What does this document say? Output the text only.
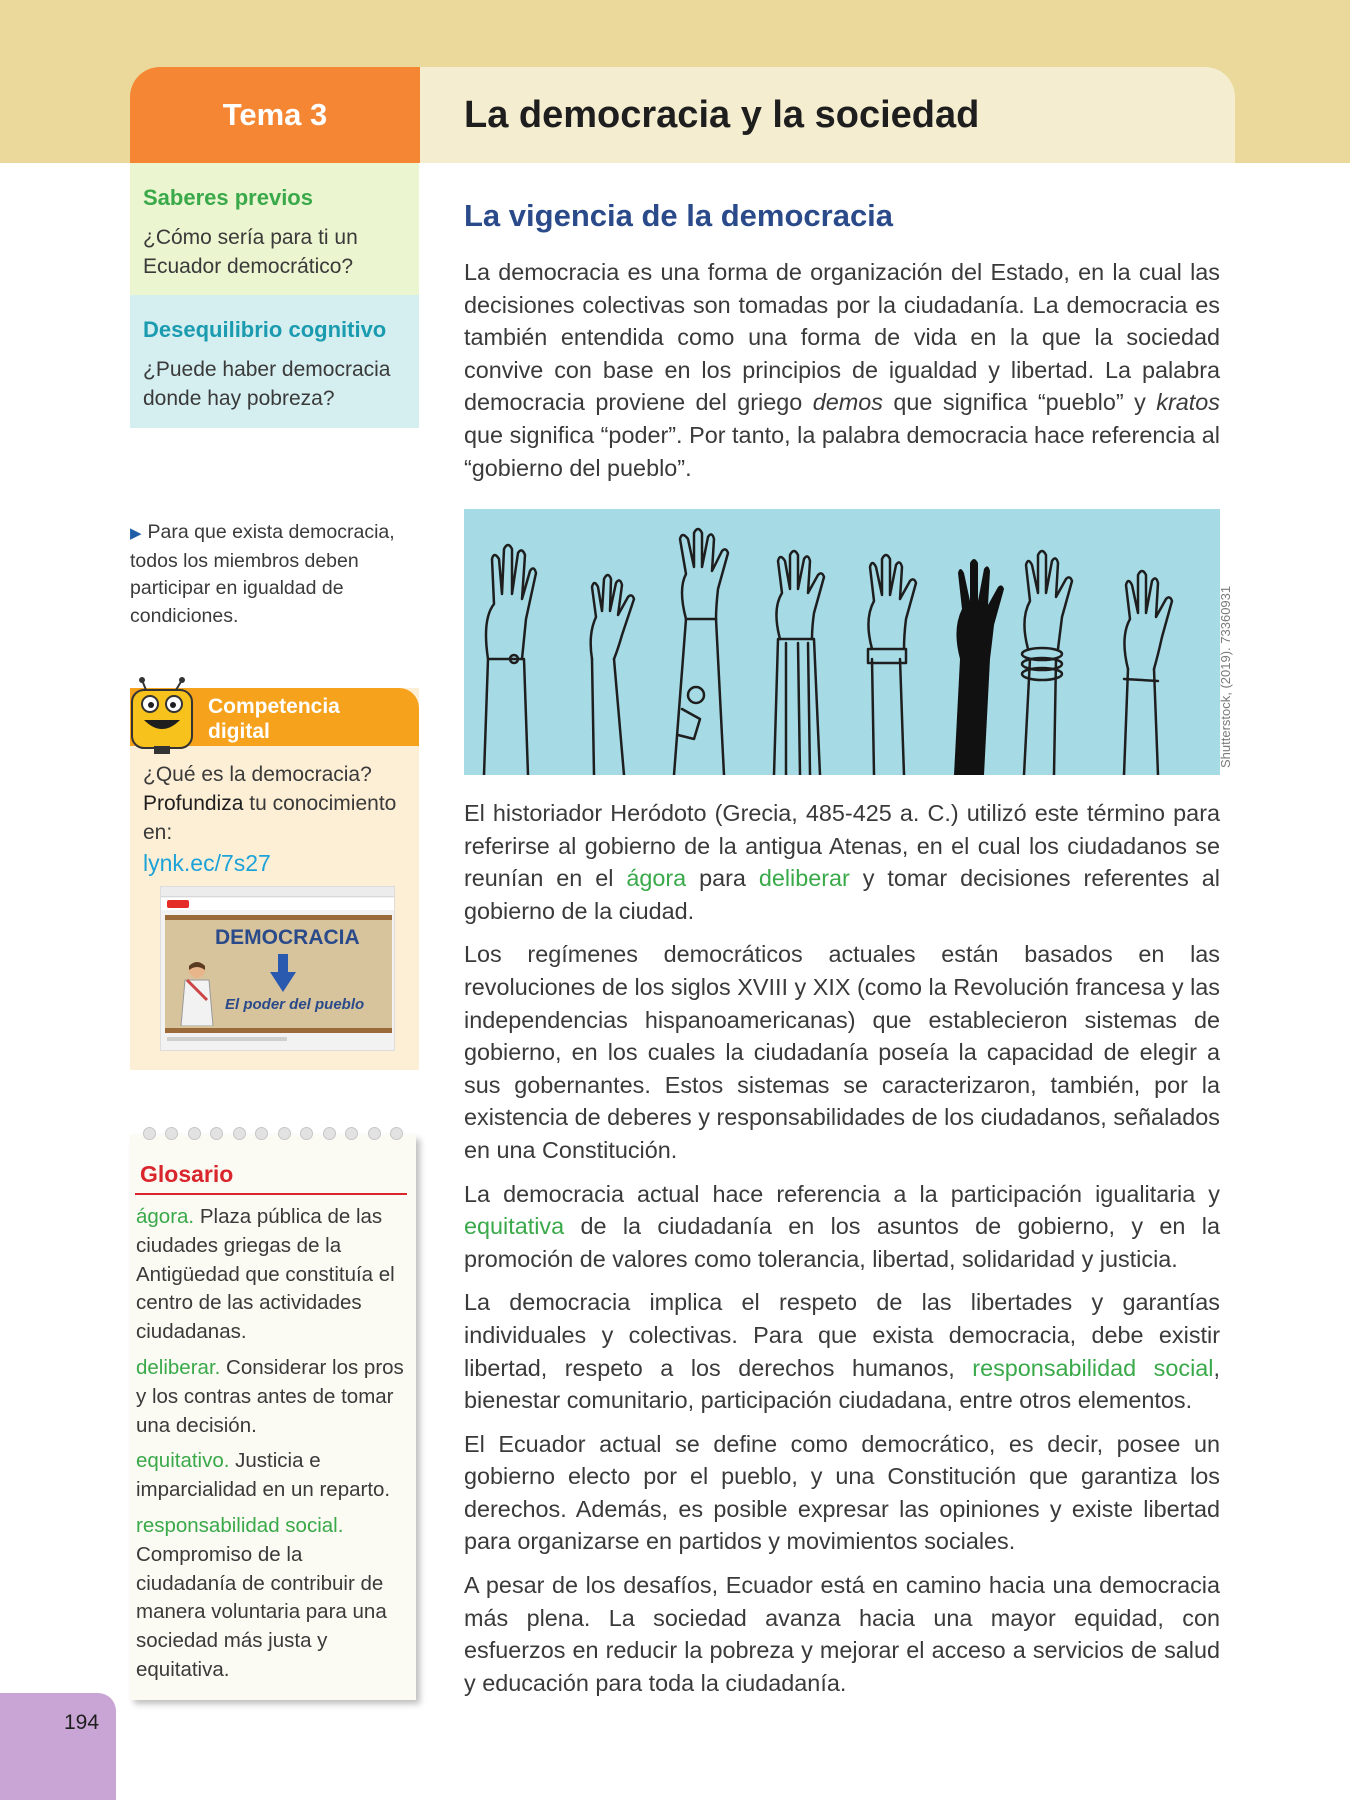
Tema 3	La democracia y la sociedad
Saberes previos
¿Cómo sería para ti un Ecuador democrático?
Desequilibrio cognitivo
¿Puede haber democracia donde hay pobreza?
▶ Para que exista democracia, todos los miembros deben participar en igualdad de condiciones.
Competencia
digital
¿Qué es la democracia? Profundiza tu conocimiento en:
lynk.ec/7s27
DEMOCRACIA
El poder del pueblo
Glosario

ágora. Plaza pública de las ciudades griegas de la Antigüedad que constituía el centro de las actividades ciudadanas.

deliberar. Considerar los pros y los contras antes de tomar una decisión.

equitativo. Justicia e imparcialidad en un reparto.

responsabilidad social.
Compromiso de la ciudadanía de contribuir de manera voluntaria para una sociedad más justa y equitativa.

194
La vigencia de la democracia
La democracia es una forma de organización del Estado, en la cual las decisiones colectivas son tomadas por la ciudadanía. La democracia es también entendida como una forma de vida en la que la sociedad convive con base en los principios de igualdad y libertad. La palabra democracia proviene del griego demos que significa “pueblo” y kratos que significa “poder”. Por tanto, la palabra democracia hace referencia al “gobierno del pueblo”.
Shutterstock, (2019). 73360931

El historiador Heródoto (Grecia, 485-425 a. C.) utilizó este término para referirse al gobierno de la antigua Atenas, en el cual los ciudadanos se reunían en el ágora para deliberar y tomar decisiones referentes al gobierno de la ciudad.

Los regímenes democráticos actuales están basados en las revoluciones de los siglos XVIII y XIX (como la Revolución francesa y las independencias hispanoamericanas) que establecieron sistemas de gobierno, en los cuales la ciudadanía poseía la capacidad de elegir a sus gobernantes. Estos sistemas se caracterizaron, también, por la existencia de deberes y responsabilidades de los ciudadanos, señalados en una Constitución.

La democracia actual hace referencia a la participación igualitaria y equitativa de la ciudadanía en los asuntos de gobierno, y en la promoción de valores como tolerancia, libertad, solidaridad y justicia.

La democracia implica el respeto de las libertades y garantías individuales y colectivas. Para que exista democracia, debe existir libertad, respeto a los derechos humanos, responsabilidad social, bienestar comunitario, participación ciudadana, entre otros elementos.

El Ecuador actual se define como democrático, es decir, posee un gobierno electo por el pueblo, y una Constitución que garantiza los derechos. Además, es posible expresar las opiniones y existe libertad para organizarse en partidos y movimientos sociales.

A pesar de los desafíos, Ecuador está en camino hacia una democracia más plena. La sociedad avanza hacia una mayor equidad, con esfuerzos en reducir la pobreza y mejorar el acceso a servicios de salud y educación para toda la ciudadanía.
